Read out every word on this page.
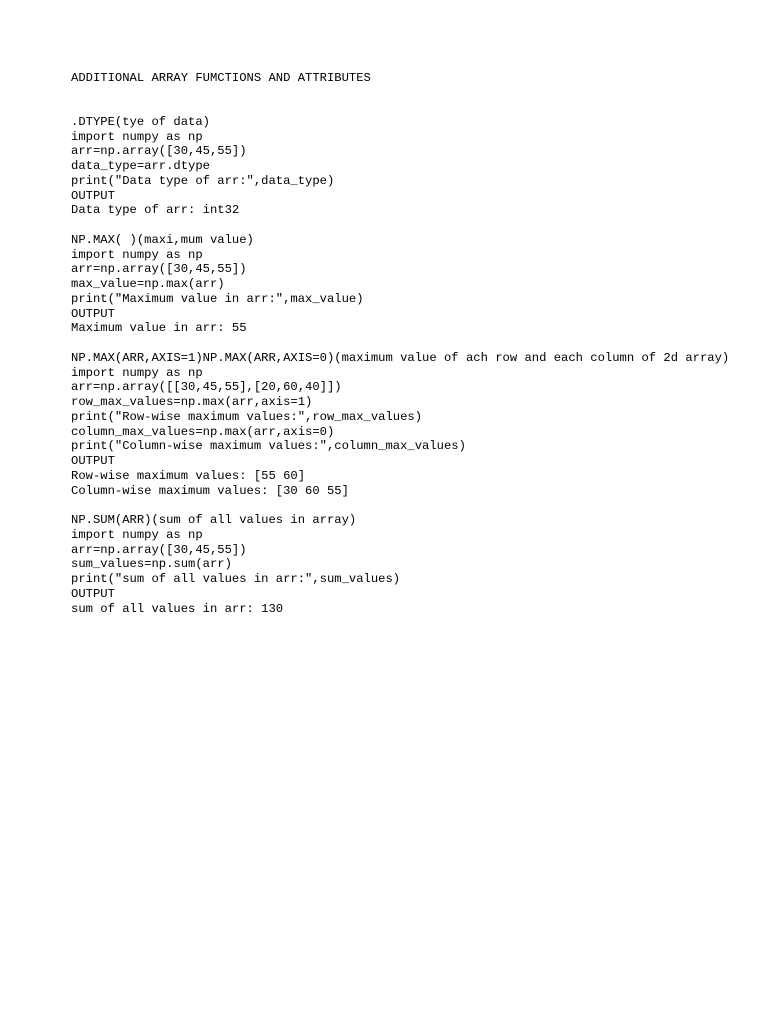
ADDITIONAL ARRAY FUMCTIONS AND ATTRIBUTES
.DTYPE(tye of data)
import numpy as np
arr=np.array([30,45,55])
data_type=arr.dtype
print("Data type of arr:",data_type)
OUTPUT
Data type of arr: int32
NP.MAX( )(maxi,mum value)
import numpy as np
arr=np.array([30,45,55])
max_value=np.max(arr)
print("Maximum value in arr:",max_value)
OUTPUT
Maximum value in arr: 55
NP.MAX(ARR,AXIS=1)NP.MAX(ARR,AXIS=0)(maximum value of ach row and each column of 2d array)
import numpy as np
arr=np.array([[30,45,55],[20,60,40]])
row_max_values=np.max(arr,axis=1)
print("Row-wise maximum values:",row_max_values)
column_max_values=np.max(arr,axis=0)
print("Column-wise maximum values:",column_max_values)
OUTPUT
Row-wise maximum values: [55 60]
Column-wise maximum values: [30 60 55]
NP.SUM(ARR)(sum of all values in array)
import numpy as np
arr=np.array([30,45,55])
sum_values=np.sum(arr)
print("sum of all values in arr:",sum_values)
OUTPUT
sum of all values in arr: 130
